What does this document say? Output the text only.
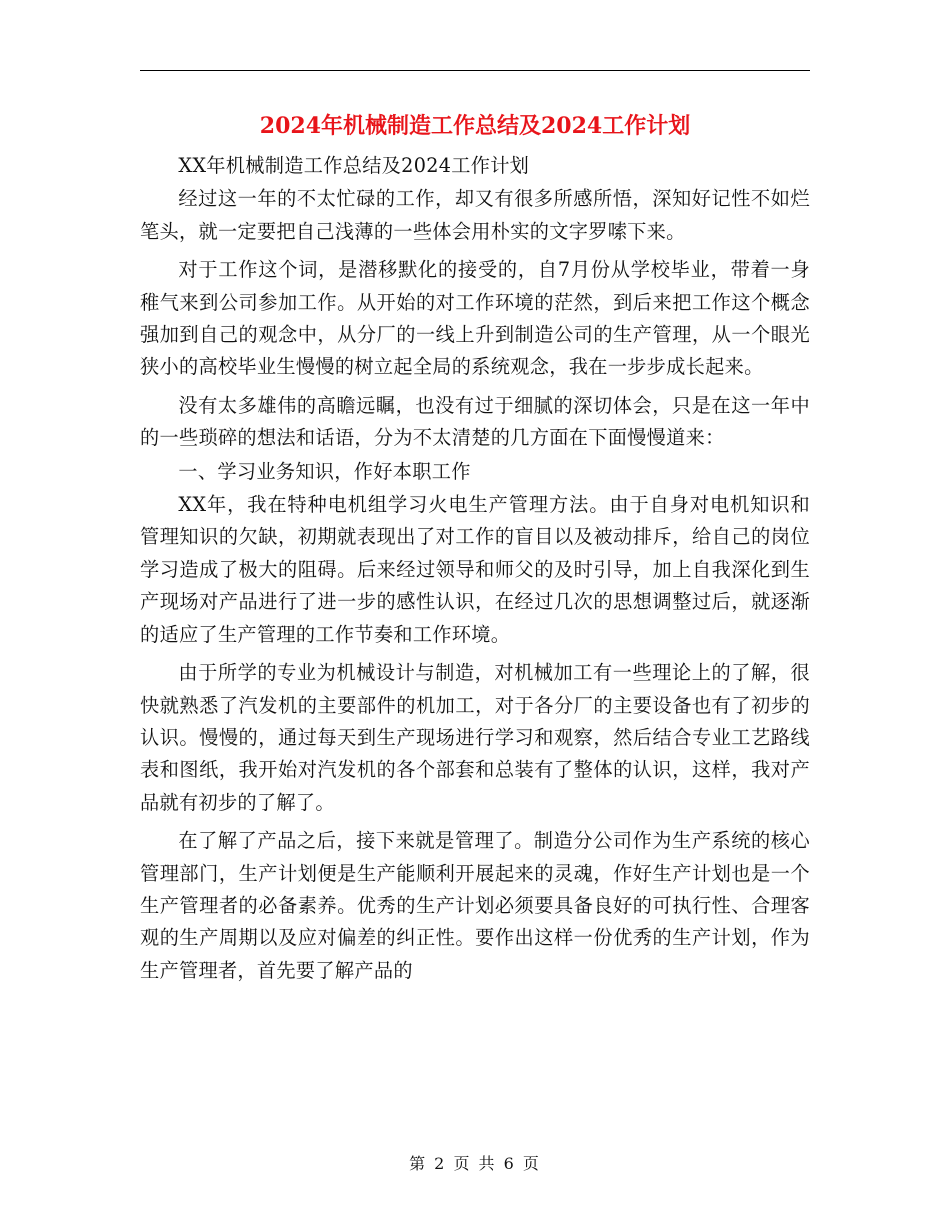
2024年机械制造工作总结及2024工作计划

XX年机械制造工作总结及2024工作计划

经过这一年的不太忙碌的工作，却又有很多所感所悟，深知好记性不如烂笔头，就一定要把自己浅薄的一些体会用朴实的文字罗嗦下来。

对于工作这个词，是潜移默化的接受的，自7月份从学校毕业，带着一身稚气来到公司参加工作。从开始的对工作环境的茫然，到后来把工作这个概念强加到自己的观念中，从分厂的一线上升到制造公司的生产管理，从一个眼光狭小的高校毕业生慢慢的树立起全局的系统观念，我在一步步成长起来。

没有太多雄伟的高瞻远瞩，也没有过于细腻的深切体会，只是在这一年中的一些琐碎的想法和话语，分为不太清楚的几方面在下面慢慢道来：

一、学习业务知识，作好本职工作

XX年，我在特种电机组学习火电生产管理方法。由于自身对电机知识和管理知识的欠缺，初期就表现出了对工作的盲目以及被动排斥，给自己的岗位学习造成了极大的阻碍。后来经过领导和师父的及时引导，加上自我深化到生产现场对产品进行了进一步的感性认识，在经过几次的思想调整过后，就逐渐的适应了生产管理的工作节奏和工作环境。

由于所学的专业为机械设计与制造，对机械加工有一些理论上的了解，很快就熟悉了汽发机的主要部件的机加工，对于各分厂的主要设备也有了初步的认识。慢慢的，通过每天到生产现场进行学习和观察，然后结合专业工艺路线表和图纸，我开始对汽发机的各个部套和总装有了整体的认识，这样，我对产品就有初步的了解了。

在了解了产品之后，接下来就是管理了。制造分公司作为生产系统的核心管理部门，生产计划便是生产能顺利开展起来的灵魂，作好生产计划也是一个生产管理者的必备素养。优秀的生产计划必须要具备良好的可执行性、合理客观的生产周期以及应对偏差的纠正性。要作出这样一份优秀的生产计划，作为生产管理者，首先要了解产品的

第 2 页 共 6 页
